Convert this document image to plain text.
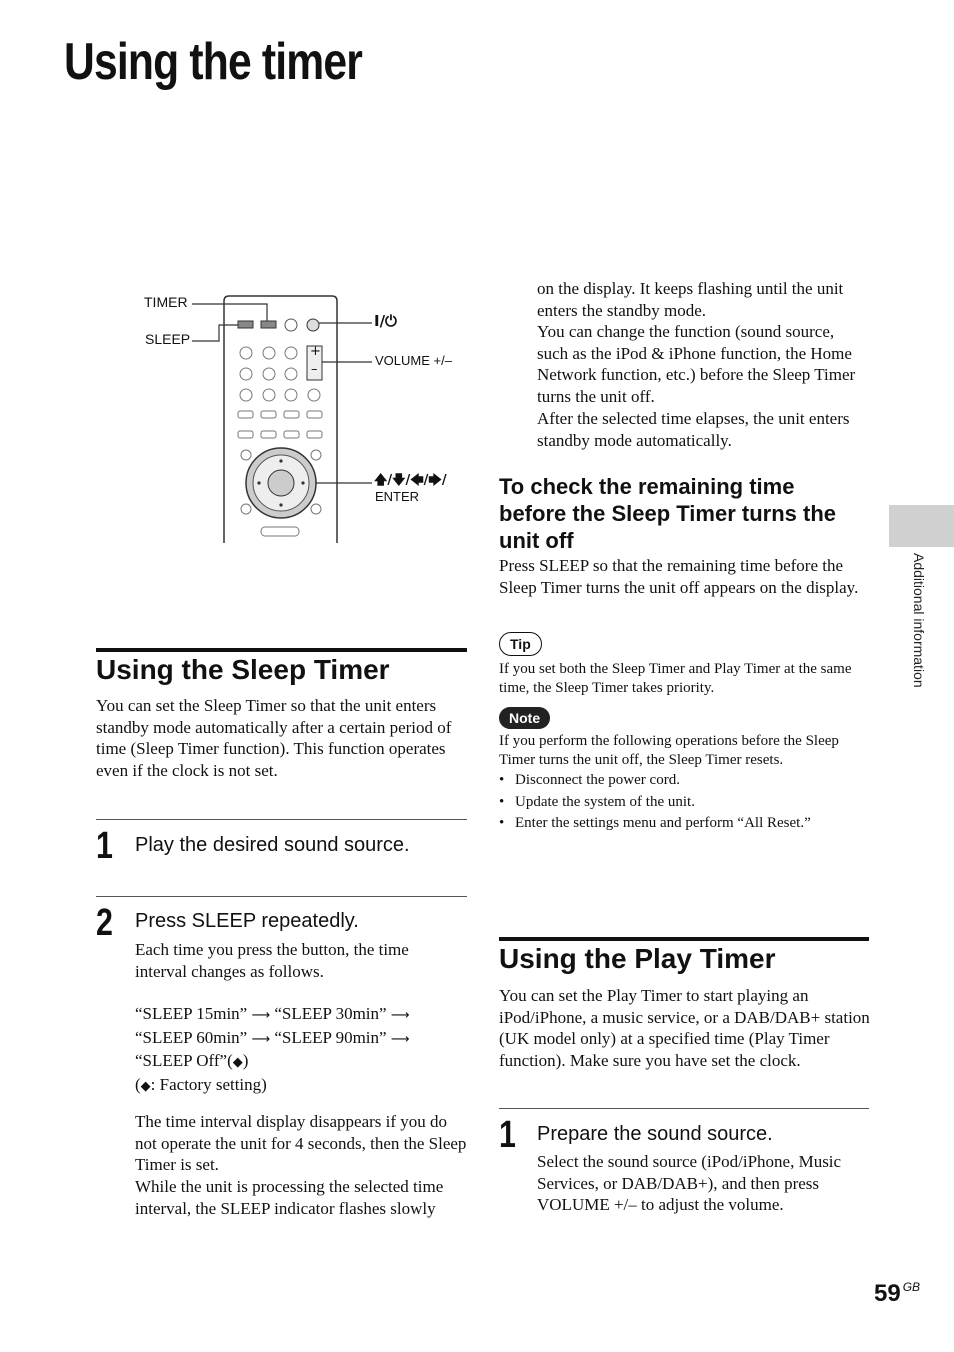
Using the timer
TIMER
SLEEP
I/⏻
VOLUME +/–
+
–
🡅/🡇/🡄/🡆/
ENTER
Using the Sleep Timer

You can set the Sleep Timer so that the unit enters standby mode automatically after a certain period of time (Sleep Timer function). This function operates even if the clock is not set.

1 Play the desired sound source.
2 Press SLEEP repeatedly.

Each time you press the button, the time interval changes as follows.

“SLEEP 15min” ⟶ “SLEEP 30min” ⟶
“SLEEP 60min” ⟶ “SLEEP 90min” ⟶
“SLEEP Off”(◆)
(◆: Factory setting)

The time interval display disappears if you do not operate the unit for 4 seconds, then the Sleep Timer is set.

While the unit is processing the selected time interval, the SLEEP indicator flashes slowly

on the display. It keeps flashing until the unit enters the standby mode.

You can change the function (sound source, such as the iPod & iPhone function, the Home Network function, etc.) before the Sleep Timer turns the unit off.

After the selected time elapses, the unit enters standby mode automatically.

To check the remaining time before the Sleep Timer turns the unit off

Press SLEEP so that the remaining time before the Sleep Timer turns the unit off appears on the display.

Tip

If you set both the Sleep Timer and Play Timer at the same time, the Sleep Timer takes priority.

Note

If you perform the following operations before the Sleep Timer turns the unit off, the Sleep Timer resets.

• Disconnect the power cord.
• Update the system of the unit.
• Enter the settings menu and perform “All Reset.”
Using the Play Timer

You can set the Play Timer to start playing an iPod/iPhone, a music service, or a DAB/DAB+ station (UK model only) at a specified time (Play Timer function). Make sure you have set the clock.

1 Prepare the sound source.

Select the sound source (iPod/iPhone, Music Services, or DAB/DAB+), and then press VOLUME +/– to adjust the volume.

Additional information
59 $^{GB}$
